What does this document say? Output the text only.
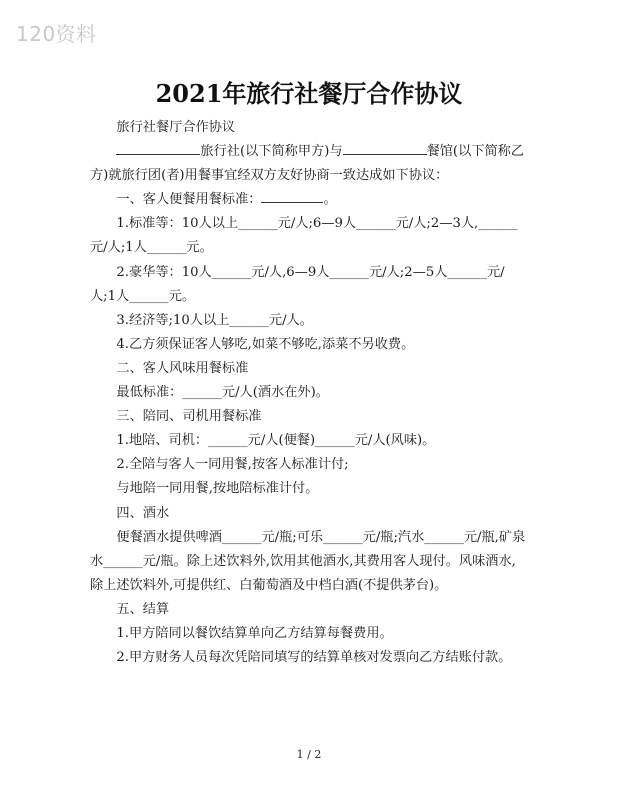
120资料
2021年旅行社餐厅合作协议

旅行社餐厅合作协议

旅行社(以下简称甲方)与	餐馆(以下简称乙方)就旅行团(者)用餐事宜经双方友好协商一致达成如下协议：

一、客人便餐用餐标准：	。

1.标准等：10人以上______元/人;6—9人______元/人;2—3人,______元/人;1人______元。

2.豪华等：10人______元/人,6—9人______元/人;2—5人______元/人;1人______元。

3.经济等;10人以上______元/人。

4.乙方须保证客人够吃,如菜不够吃,添菜不另收费。

二、客人风味用餐标准

最低标准：______元/人(酒水在外)。

三、陪同、司机用餐标准

1.地陪、司机：______元/人(便餐)______元/人(风味)。

2.全陪与客人一同用餐,按客人标准计付;

与地陪一同用餐,按地陪标准计付。

四、酒水

便餐酒水提供啤酒______元/瓶;可乐______元/瓶;汽水______元/瓶,矿泉水______元/瓶。除上述饮料外,饮用其他酒水,其费用客人现付。风味酒水,除上述饮料外,可提供红、白葡萄酒及中档白酒(不提供茅台)。

五、结算

1.甲方陪同以餐饮结算单向乙方结算每餐费用。

2.甲方财务人员每次凭陪同填写的结算单核对发票向乙方结账付款。

1 / 2
